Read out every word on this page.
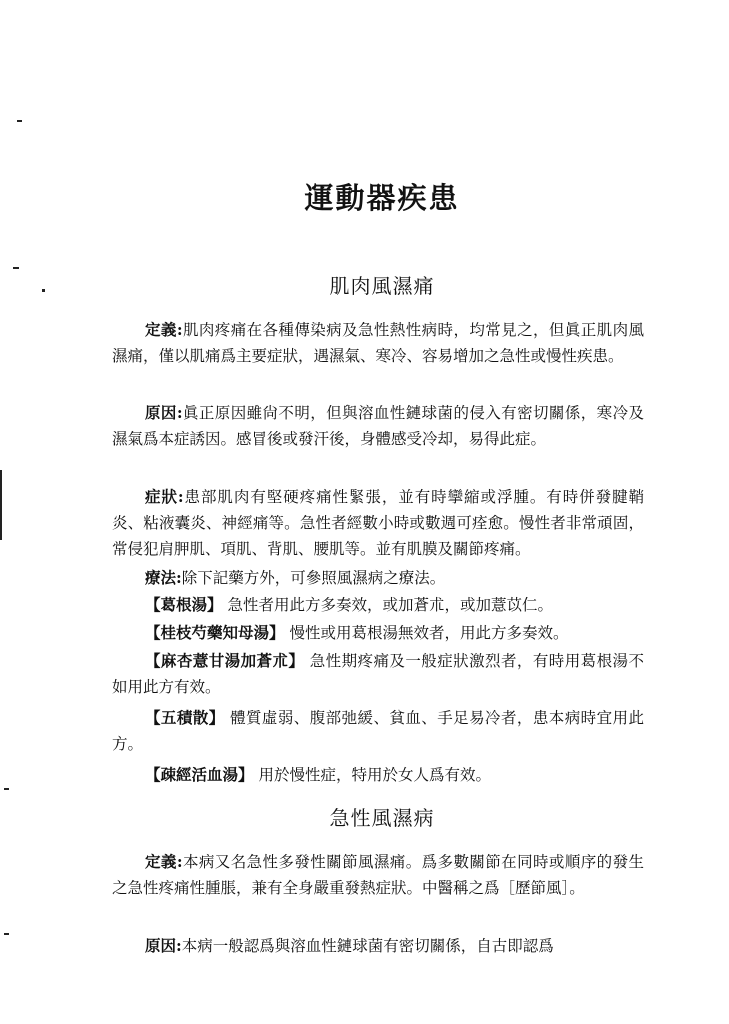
運動器疾患
肌肉風濕痛
定義:肌肉疼痛在各種傳染病及急性熱性病時，均常見之，但眞正肌肉風濕痛，僅以肌痛爲主要症狀，遇濕氣、寒冷、容易增加之急性或慢性疾患。
原因:眞正原因雖尙不明，但與溶血性鏈球菌的侵入有密切關係，寒冷及濕氣爲本症誘因。感冒後或發汗後，身體感受冷却，易得此症。
症狀:患部肌肉有堅硬疼痛性緊張，並有時攣縮或浮腫。有時併發腱鞘炎、粘液囊炎、神經痛等。急性者經數小時或數週可痊愈。慢性者非常頑固，常侵犯肩胛肌、項肌、背肌、腰肌等。並有肌膜及關節疼痛。
療法:除下記藥方外，可參照風濕病之療法。
【葛根湯】 急性者用此方多奏效，或加蒼朮，或加薏苡仁。
【桂枝芍藥知母湯】 慢性或用葛根湯無效者，用此方多奏效。
【麻杏薏甘湯加蒼朮】 急性期疼痛及一般症狀激烈者，有時用葛根湯不如用此方有效。
【五積散】 體質虛弱、腹部弛緩、貧血、手足易冷者，患本病時宜用此方。
【疎經活血湯】 用於慢性症，特用於女人爲有效。
急性風濕病
定義:本病又名急性多發性關節風濕痛。爲多數關節在同時或順序的發生之急性疼痛性腫脹，兼有全身嚴重發熱症狀。中醫稱之爲［歷節風］。
原因:本病一般認爲與溶血性鏈球菌有密切關係，自古即認爲
